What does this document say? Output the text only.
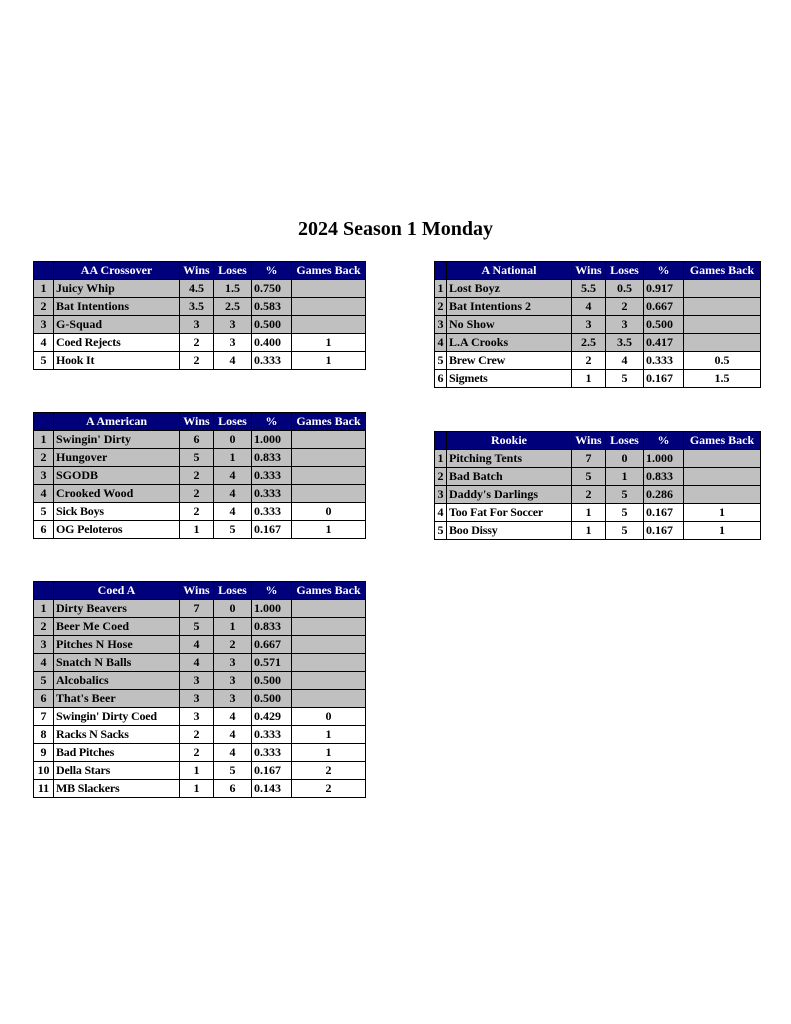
2024 Season 1 Monday
	AA Crossover	Wins	Loses	%	Games Back
1	Juicy Whip	4.5	1.5	0.750	
2	Bat Intentions	3.5	2.5	0.583	
3	G-Squad	3	3	0.500	
4	Coed Rejects	2	3	0.400	1
5	Hook It	2	4	0.333	1
	A National	Wins	Loses	%	Games Back
1	Lost Boyz	5.5	0.5	0.917	
2	Bat Intentions 2	4	2	0.667	
3	No Show	3	3	0.500	
4	L.A Crooks	2.5	3.5	0.417	
5	Brew Crew	2	4	0.333	0.5
6	Sigmets	1	5	0.167	1.5
	A American	Wins	Loses	%	Games Back
1	Swingin' Dirty	6	0	1.000	
2	Hungover	5	1	0.833	
3	SGODB	2	4	0.333	
4	Crooked Wood	2	4	0.333	
5	Sick Boys	2	4	0.333	0
6	OG Peloteros	1	5	0.167	1
	Rookie	Wins	Loses	%	Games Back
1	Pitching Tents	7	0	1.000	
2	Bad Batch	5	1	0.833	
3	Daddy's Darlings	2	5	0.286	
4	Too Fat For Soccer	1	5	0.167	1
5	Boo Dissy	1	5	0.167	1
	Coed A	Wins	Loses	%	Games Back
1	Dirty Beavers	7	0	1.000	
2	Beer Me Coed	5	1	0.833	
3	Pitches N Hose	4	2	0.667	
4	Snatch N Balls	4	3	0.571	
5	Alcobalics	3	3	0.500	
6	That's Beer	3	3	0.500	
7	Swingin' Dirty Coed	3	4	0.429	0
8	Racks N Sacks	2	4	0.333	1
9	Bad Pitches	2	4	0.333	1
10	Della Stars	1	5	0.167	2
11	MB Slackers	1	6	0.143	2
